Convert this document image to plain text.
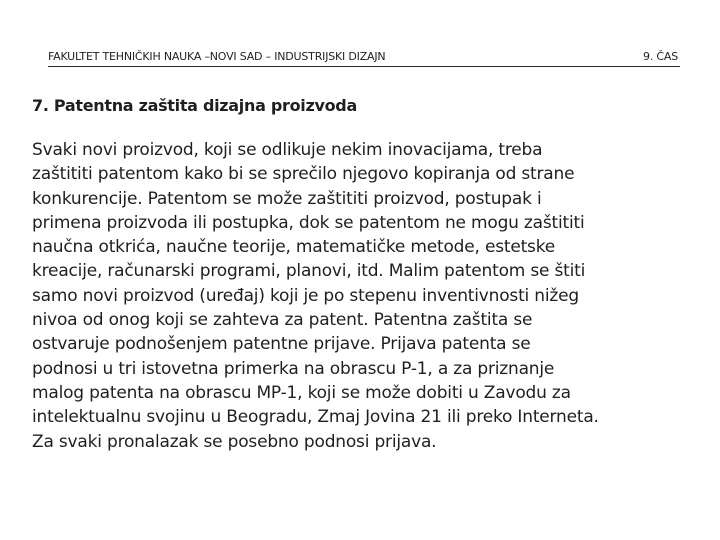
FAKULTET TEHNIČKIH NAUKA –NOVI SAD – INDUSTRIJSKI DIZAJN	9. ČAS
7. Patentna zaštita dizajna proizvoda

Svaki novi proizvod, koji se odlikuje nekim inovacijama, treba
zaštititi patentom kako bi se sprečilo njegovo kopiranja od strane
konkurencije. Patentom se može zaštititi proizvod, postupak i
primena proizvoda ili postupka, dok se patentom ne mogu zaštititi
naučna otkrića, naučne teorije, matematičke metode, estetske
kreacije, računarski programi, planovi, itd. Malim patentom se štiti
samo novi proizvod (uređaj) koji je po stepenu inventivnosti nižeg
nivoa od onog koji se zahteva za patent. Patentna zaštita se
ostvaruje podnošenjem patentne prijave. Prijava patenta se
podnosi u tri istovetna primerka na obrascu P-1, a za priznanje
malog patenta na obrascu MP-1, koji se može dobiti u Zavodu za
intelektualnu svojinu u Beogradu, Zmaj Jovina 21 ili preko Interneta.
Za svaki pronalazak se posebno podnosi prijava.
